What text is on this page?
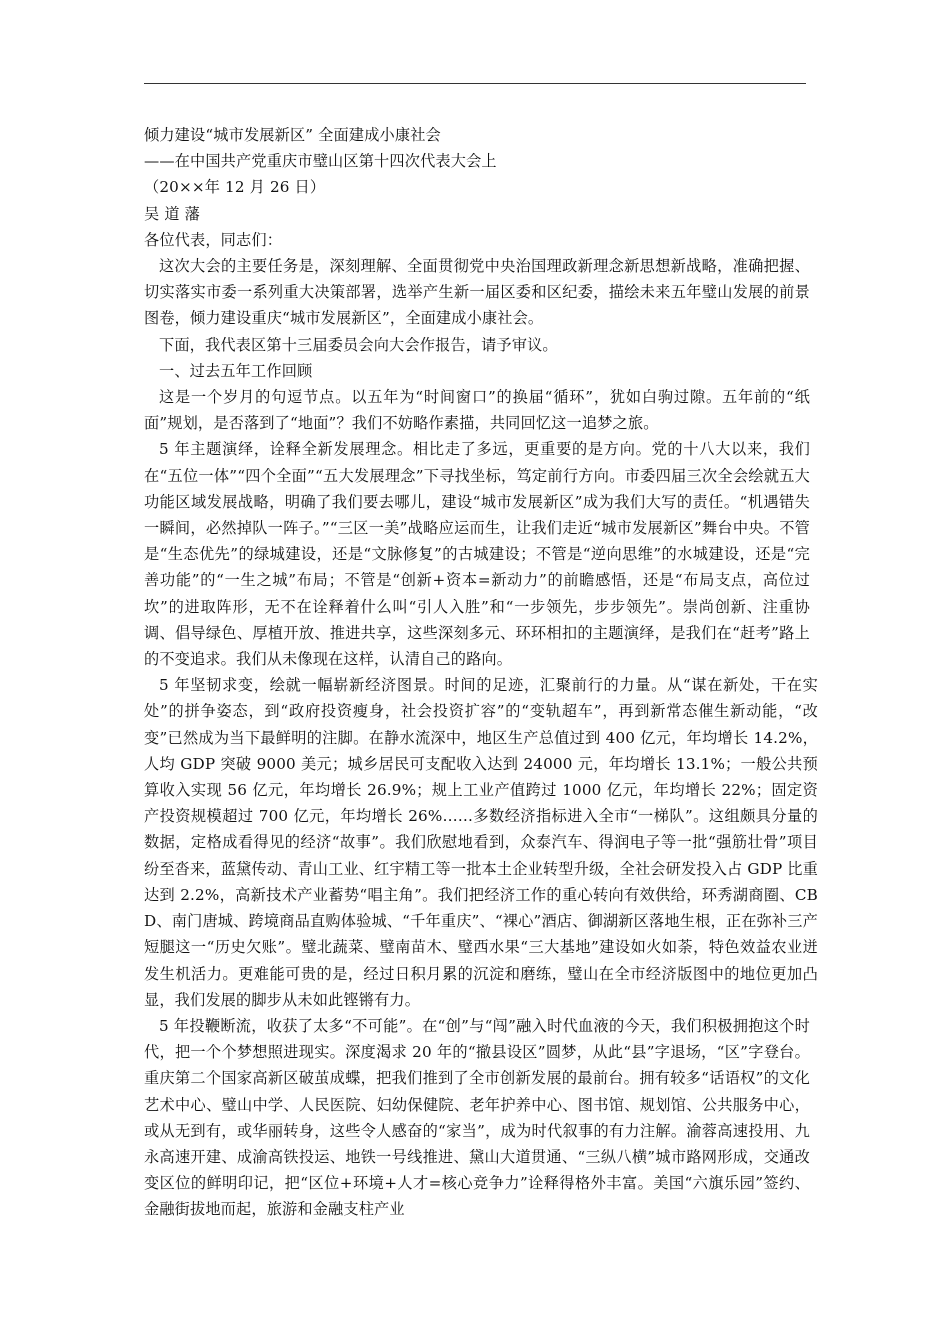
倾力建设“城市发展新区” 全面建成小康社会

——在中国共产党重庆市璧山区第十四次代表大会上

（20××年 12 月 26 日）

吴 道 藩

各位代表，同志们：

这次大会的主要任务是，深刻理解、全面贯彻党中央治国理政新理念新思想新战略，准确把握、切实落实市委一系列重大决策部署，选举产生新一届区委和区纪委，描绘未来五年璧山发展的前景图卷，倾力建设重庆“城市发展新区”，全面建成小康社会。

下面，我代表区第十三届委员会向大会作报告，请予审议。

一、过去五年工作回顾

这是一个岁月的句逗节点。以五年为“时间窗口”的换届“循环”，犹如白驹过隙。五年前的“纸面”规划，是否落到了“地面”？我们不妨略作素描，共同回忆这一追梦之旅。

5 年主题演绎，诠释全新发展理念。相比走了多远，更重要的是方向。党的十八大以来，我们在“五位一体”“四个全面”“五大发展理念”下寻找坐标，笃定前行方向。市委四届三次全会绘就五大功能区域发展战略，明确了我们要去哪儿，建设“城市发展新区”成为我们大写的责任。“机遇错失一瞬间，必然掉队一阵子。”“三区一美”战略应运而生，让我们走近“城市发展新区”舞台中央。不管是“生态优先”的绿城建设，还是“文脉修复”的古城建设；不管是“逆向思维”的水城建设，还是“完善功能”的“一生之城”布局；不管是“创新+资本=新动力”的前瞻感悟，还是“布局支点，高位过坎”的进取阵形，无不在诠释着什么叫“引人入胜”和“一步领先，步步领先”。崇尚创新、注重协调、倡导绿色、厚植开放、推进共享，这些深刻多元、环环相扣的主题演绎，是我们在“赶考”路上的不变追求。我们从未像现在这样，认清自己的路向。

5 年坚韧求变，绘就一幅崭新经济图景。时间的足迹，汇聚前行的力量。从“谋在新处，干在实处”的拼争姿态，到“政府投资瘦身，社会投资扩容”的“变轨超车”，再到新常态催生新动能，“改变”已然成为当下最鲜明的注脚。在静水流深中，地区生产总值过到 400 亿元，年均增长 14.2%，人均 GDP 突破 9000 美元；城乡居民可支配收入达到 24000 元，年均增长 13.1%；一般公共预算收入实现 56 亿元，年均增长 26.9%；规上工业产值跨过 1000 亿元，年均增长 22%；固定资产投资规模超过 700 亿元，年均增长 26%……多数经济指标进入全市“一梯队”。这组颇具分量的数据，定格成看得见的经济“故事”。我们欣慰地看到，众泰汽车、得润电子等一批“强筋壮骨”项目纷至沓来，蓝黛传动、青山工业、红宇精工等一批本土企业转型升级，全社会研发投入占 GDP 比重达到 2.2%，高新技术产业蓄势“唱主角”。我们把经济工作的重心转向有效供给，环秀湖商圈、CBD、南门唐城、跨境商品直购体验城、“千年重庆”、“裸心”酒店、御湖新区落地生根，正在弥补三产短腿这一“历史欠账”。璧北蔬菜、璧南苗木、璧西水果“三大基地”建设如火如荼，特色效益农业迸发生机活力。更难能可贵的是，经过日积月累的沉淀和磨练，璧山在全市经济版图中的地位更加凸显，我们发展的脚步从未如此铿锵有力。

5 年投鞭断流，收获了太多“不可能”。在“创”与“闯”融入时代血液的今天，我们积极拥抱这个时代，把一个个梦想照进现实。深度渴求 20 年的“撤县设区”圆梦，从此“县”字退场，“区”字登台。重庆第二个国家高新区破茧成蝶，把我们推到了全市创新发展的最前台。拥有较多“话语权”的文化艺术中心、璧山中学、人民医院、妇幼保健院、老年护养中心、图书馆、规划馆、公共服务中心，或从无到有，或华丽转身，这些令人感奋的“家当”，成为时代叙事的有力注解。渝蓉高速投用、九永高速开建、成渝高铁投运、地铁一号线推进、黛山大道贯通、“三纵八横”城市路网形成，交通改变区位的鲜明印记，把“区位+环境+人才=核心竞争力”诠释得格外丰富。美国“六旗乐园”签约、金融街拔地而起，旅游和金融支柱产业
